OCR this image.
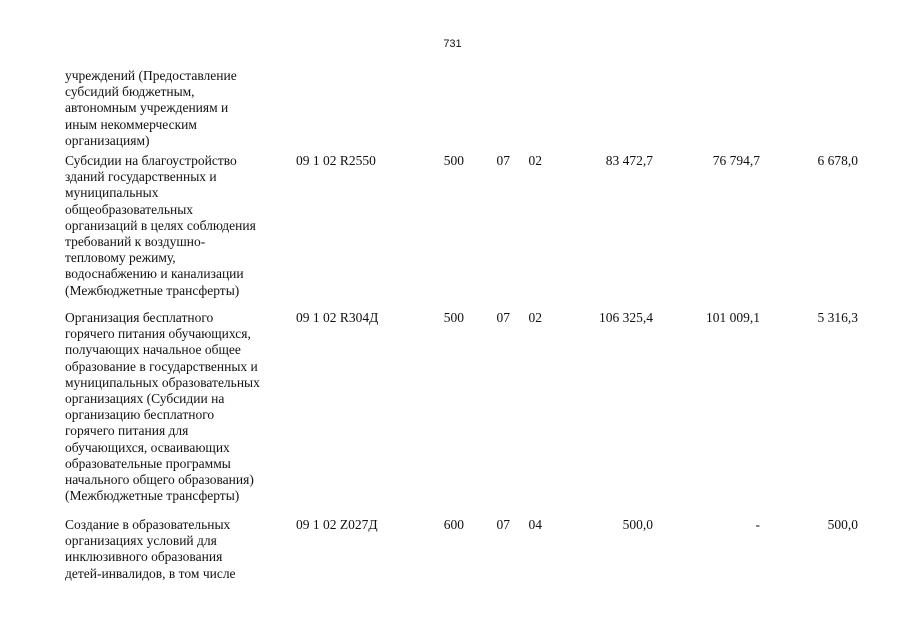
731
учреждений (Предоставление
субсидий бюджетным,
автономным учреждениям и
иным некоммерческим
организациям)
Субсидии на благоустройство
зданий государственных и
муниципальных
общеобразовательных
организаций в целях соблюдения
требований к воздушно-
тепловому режиму,
водоснабжению и канализации
(Межбюджетные трансферты)
09 1 02 R2550	500	07	02	83 472,7	76 794,7	6 678,0
Организация бесплатного
горячего питания обучающихся,
получающих начальное общее
образование в государственных и
муниципальных образовательных
организациях (Субсидии на
организацию бесплатного
горячего питания для
обучающихся, осваивающих
образовательные программы
начального общего образования)
(Межбюджетные трансферты)
09 1 02 R304Д	500	07	02	106 325,4	101 009,1	5 316,3
Создание в образовательных
организациях условий для
инклюзивного образования
детей-инвалидов, в том числе
09 1 02 Z027Д	600	07	04	500,0	-	500,0
